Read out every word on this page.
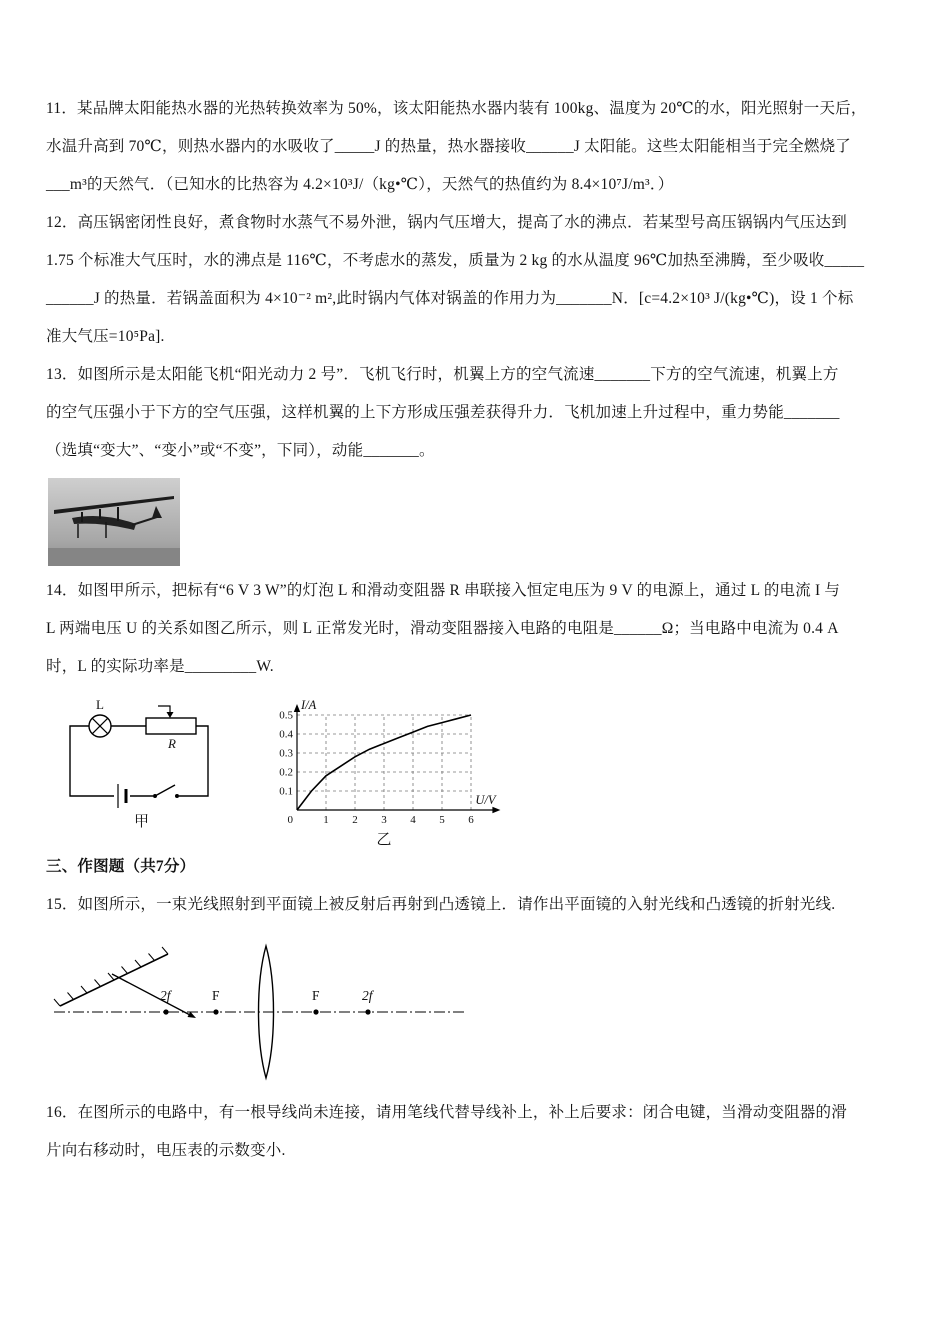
11．某品牌太阳能热水器的光热转换效率为 50%，该太阳能热水器内装有 100kg、温度为 20℃的水，阳光照射一天后，
水温升高到 70℃，则热水器内的水吸收了_____J 的热量，热水器接收______J 太阳能。这些太阳能相当于完全燃烧了
___m³的天然气．（已知水的比热容为 4.2×10³J/（kg•℃），天然气的热值约为 8.4×10⁷J/m³．）
12．高压锅密闭性良好，煮食物时水蒸气不易外泄，锅内气压增大，提高了水的沸点．若某型号高压锅锅内气压达到
1.75 个标准大气压时，水的沸点是 116℃，不考虑水的蒸发，质量为 2 kg 的水从温度 96℃加热至沸腾，至少吸收_____
______J 的热量．若锅盖面积为 4×10⁻² m²,此时锅内气体对锅盖的作用力为_______N．[c=4.2×10³ J/(kg•℃)，设 1 个标
准大气压=10⁵Pa].
13．如图所示是太阳能飞机“阳光动力 2 号”．飞机飞行时，机翼上方的空气流速_______下方的空气流速，机翼上方
的空气压强小于下方的空气压强，这样机翼的上下方形成压强差获得升力．飞机加速上升过程中，重力势能_______
（选填“变大”、“变小”或“不变”，下同），动能_______。
14．如图甲所示，把标有“6 V 3 W”的灯泡 L 和滑动变阻器 R 串联接入恒定电压为 9 V 的电源上，通过 L 的电流 I 与
L 两端电压 U 的关系如图乙所示，则 L 正常发光时，滑动变阻器接入电路的电阻是______Ω；当电路中电流为 0.4 A
时，L 的实际功率是_________W.
L
R
甲
0.1
0.2
0.3
0.4
0.5
0	1 2 3 4 5 6
I/A
U/V
乙
三、作图题（共7分）
15．如图所示，一束光线照射到平面镜上被反射后再射到凸透镜上．请作出平面镜的入射光线和凸透镜的折射光线.
2f	F	F	2f
16．在图所示的电路中，有一根导线尚未连接，请用笔线代替导线补上，补上后要求：闭合电键，当滑动变阻器的滑
片向右移动时，电压表的示数变小.
